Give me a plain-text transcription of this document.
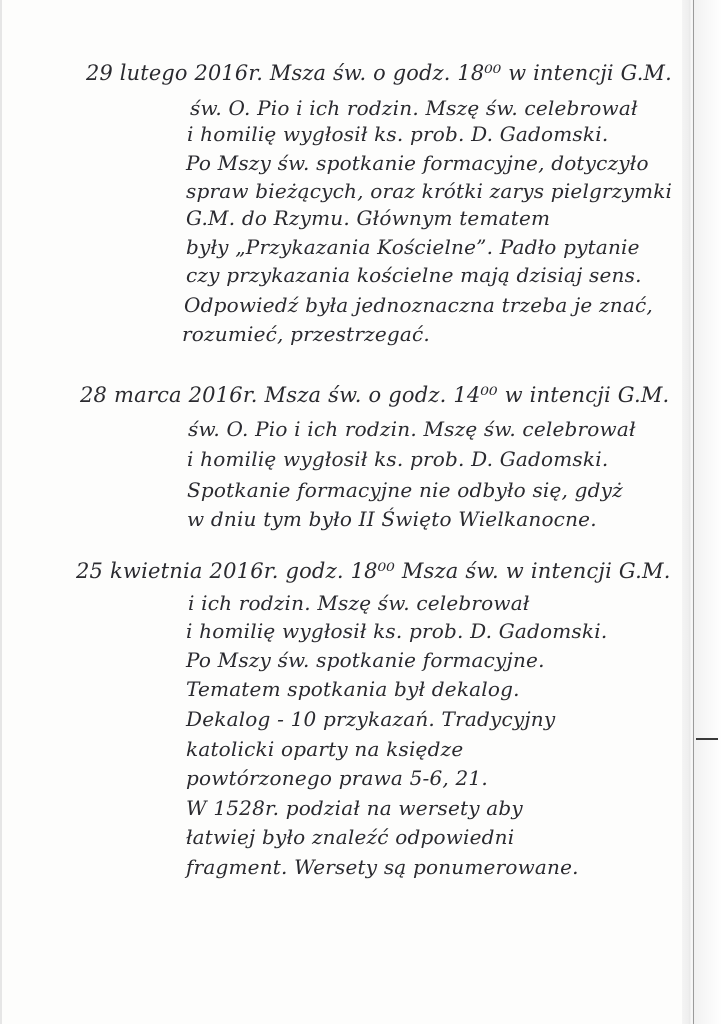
29 lutego 2016r. Msza św. o godz. 18⁰⁰ w intencji G.M.
św. O. Pio i ich rodzin. Mszę św. celebrował
i homilię wygłosił ks. prob. D. Gadomski.
Po Mszy św. spotkanie formacyjne, dotyczyło
spraw bieżących, oraz krótki zarys pielgrzymki
G.M. do Rzymu. Głównym tematem
były „Przykazania Kościelne”. Padło pytanie
czy przykazania kościelne mają dzisiaj sens.
Odpowiedź była jednoznaczna trzeba je znać,
rozumieć, przestrzegać.
28 marca 2016r. Msza św. o godz. 14⁰⁰ w intencji G.M.
św. O. Pio i ich rodzin. Mszę św. celebrował
i homilię wygłosił ks. prob. D. Gadomski.
Spotkanie formacyjne nie odbyło się, gdyż
w dniu tym było II Święto Wielkanocne.
25 kwietnia 2016r. godz. 18⁰⁰ Msza św. w intencji G.M.
i ich rodzin. Mszę św. celebrował
i homilię wygłosił ks. prob. D. Gadomski.
Po Mszy św. spotkanie formacyjne.
Tematem spotkania był dekalog.
Dekalog - 10 przykazań. Tradycyjny
katolicki oparty na księdze
powtórzonego prawa 5-6, 21.
W 1528r. podział na wersety aby
łatwiej było znaleźć odpowiedni
fragment. Wersety są ponumerowane.
